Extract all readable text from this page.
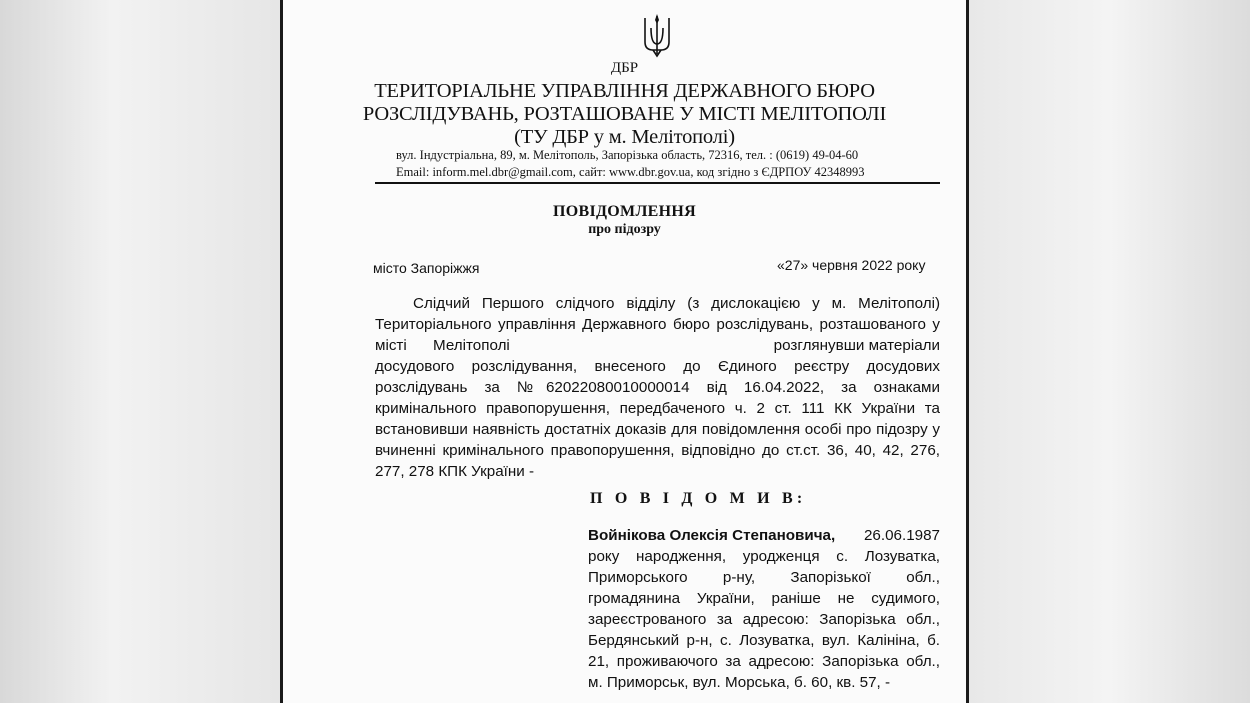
ДБР
ТЕРИТОРІАЛЬНЕ УПРАВЛІННЯ ДЕРЖАВНОГО БЮРО
РОЗСЛІДУВАНЬ, РОЗТАШОВАНЕ У МІСТІ МЕЛІТОПОЛІ
(ТУ ДБР у м. Мелітополі)
вул. Індустріальна, 89, м. Мелітополь, Запорізька область, 72316, тел. : (0619) 49-04-60
Email: inform.mel.dbr@gmail.com, сайт: www.dbr.gov.ua, код згідно з ЄДРПОУ 42348993
ПОВІДОМЛЕННЯ
про підозру
місто Запоріжжя	«27» червня 2022 року
Слідчий Першого слідчого відділу (з дислокацією у м. Мелітополі)
Територіального управління Державного бюро розслідувань, розташованого у
місті Мелітополі	розглянувши матеріали
досудового розслідування, внесеного до Єдиного реєстру досудових
розслідувань за №62022080010000014 від 16.04.2022, за ознаками
кримінального правопорушення, передбаченого ч. 2 ст. 111 КК України та
встановивши наявність достатніх доказів для повідомлення особі про підозру у
вчиненні кримінального правопорушення, відповідно до ст.ст. 36, 40, 42, 276,
277, 278 КПК України -
П О В І Д О М И В:
Войнікова Олексія Степановича, 26.06.1987
року народження, уродженця с. Лозуватка,
Приморського р-ну, Запорізької обл.,
громадянина України, раніше не судимого,
зареєстрованого за адресою: Запорізька обл.,
Бердянський р-н, с. Лозуватка, вул. Калініна, б.
21, проживаючого за адресою: Запорізька обл.,
м. Приморськ, вул. Морська, б. 60, кв. 57, -
